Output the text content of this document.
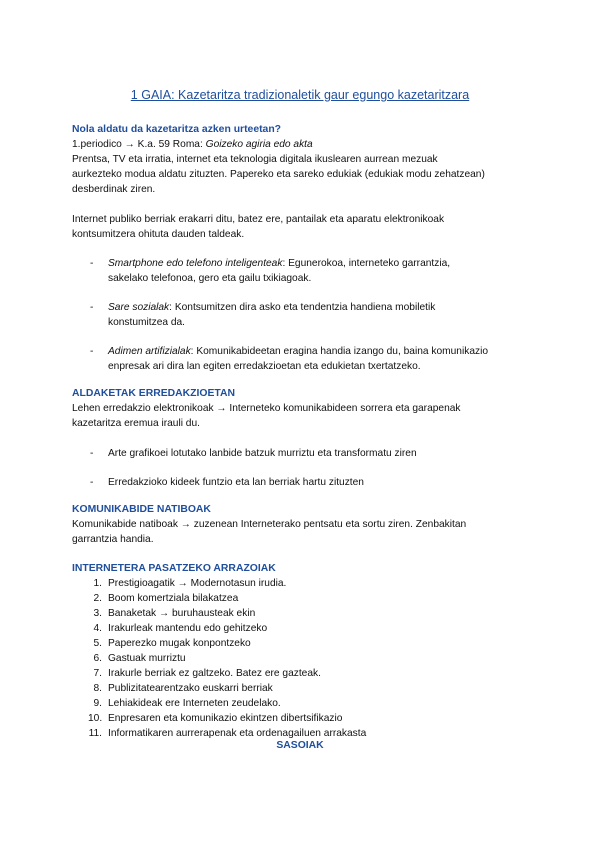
1 GAIA: Kazetaritza tradizionaletik gaur egungo kazetaritzara
Nola aldatu da kazetaritza azken urteetan?
1.periodico → K.a. 59 Roma: Goizeko agiria edo akta
Prentsa, TV eta irratia, internet eta teknologia digitala ikuslearen aurrean mezuak
aurkezteko modua aldatu zituzten. Papereko eta sareko edukiak (edukiak modu zehatzean)
desberdinak ziren.
Internet publiko berriak erakarri ditu, batez ere, pantailak eta aparatu elektronikoak
kontsumitzera ohituta dauden taldeak.
- Smartphone edo telefono inteligenteak: Egunerokoa, interneteko garrantzia,
sakelako telefonoa, gero eta gailu txikiagoak.
- Sare sozialak: Kontsumitzen dira asko eta tendentzia handiena mobiletik
konstumitzea da.
- Adimen artifizialak: Komunikabideetan eragina handia izango du, baina komunikazio
enpresak ari dira lan egiten erredakzioetan eta edukietan txertatzeko.
ALDAKETAK ERREDAKZIOETAN
Lehen erredakzio elektronikoak → Interneteko komunikabideen sorrera eta garapenak
kazetaritza eremua irauli du.
- Arte grafikoei lotutako lanbide batzuk murriztu eta transformatu ziren
- Erredakzioko kideek funtzio eta lan berriak hartu zituzten
KOMUNIKABIDE NATIBOAK
Komunikabide natiboak → zuzenean Interneterako pentsatu eta sortu ziren. Zenbakitan
garrantzia handia.
INTERNETERA PASATZEKO ARRAZOIAK
1. Prestigioagatik → Modernotasun irudia.
2. Boom komertziala bilakatzea
3. Banaketak → buruhausteak ekin
4. Irakurleak mantendu edo gehitzeko
5. Paperezko mugak konpontzeko
6. Gastuak murriztu
7. Irakurle berriak ez galtzeko. Batez ere gazteak.
8. Publizitatearentzako euskarri berriak
9. Lehiakideak ere Interneten zeudelako.
10. Enpresaren eta komunikazio ekintzen dibertsifikazio
11. Informatikaren aurrerapenak eta ordenagailuen arrakasta
SASOIAK
